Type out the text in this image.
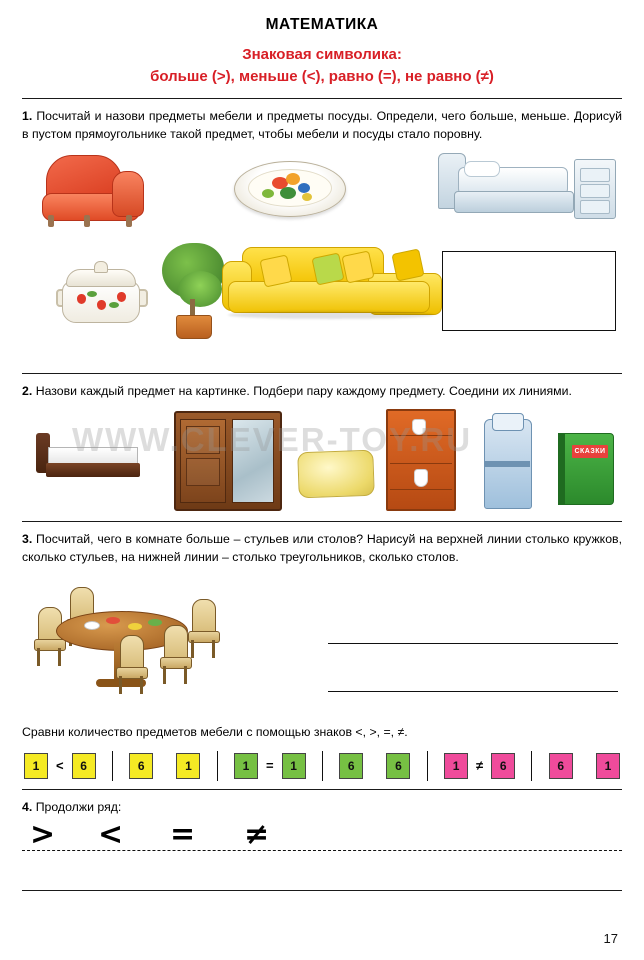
МАТЕМАТИКА
Знаковая символика:
больше (>), меньше (<), равно (=), не равно (≠)
1. Посчитай и назови предметы мебели и предметы посуды. Определи, чего больше, меньше. Дорисуй в пустом прямоугольнике такой предмет, чтобы мебели и посуды стало поровну.
2. Назови каждый предмет на картинке. Подбери пару каждому предмету. Соедини их линиями.
WWW.CLEVER-TOY.RU	СКАЗКИ
3. Посчитай, чего в комнате больше – стульев или столов? Нарисуй на верхней линии столько кружков, сколько стульев, на нижней линии – столько треугольников, сколько столов.
Сравни количество предметов мебели с помощью знаков <, >, =, ≠.
1	<	6	6
	1	1	=	1	6
	6	1	≠	6	6
	1
4. Продолжи ряд:
> < = ≠
17
